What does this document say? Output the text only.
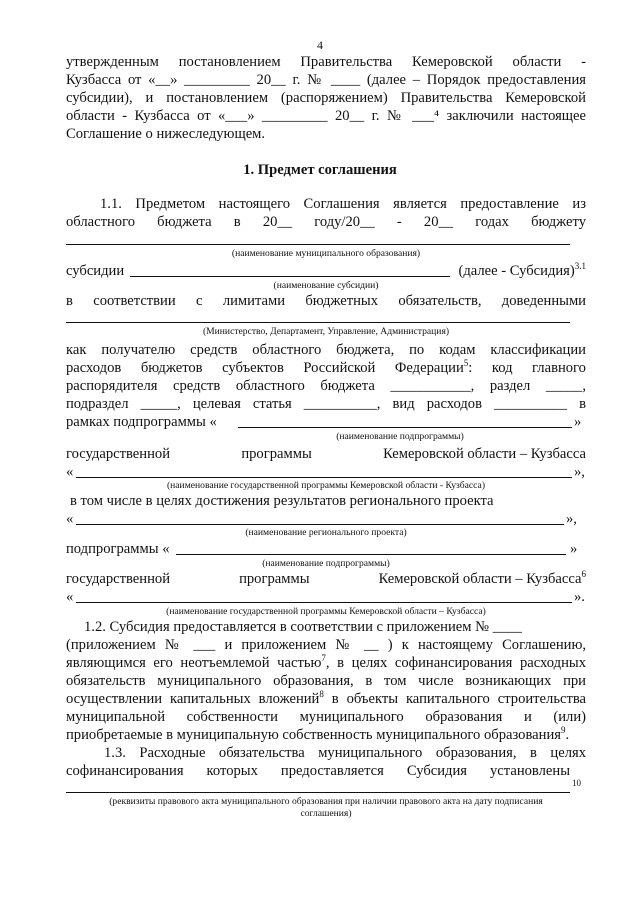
4
утвержденным постановлением Правительства Кемеровской области -
Кузбасса от «__» _________ 20__ г. № ____ (далее – Порядок предоставления
субсидии), и постановлением (распоряжением) Правительства Кемеровской
области - Кузбасса от «___» _________ 20__ г. № ___⁴ заключили настоящее
Соглашение о нижеследующем.
1. Предмет соглашения
1.1. Предметом настоящего Соглашения является предоставление из
областного бюджета в 20__ году/20__ - 20__ годах бюджету
(наименование муниципального образования)
субсидии	(далее - Субсидия)$^{3.1}$
(наименование субсидии)
в соответствии с лимитами бюджетных обязательств, доведенными
(Министерство, Департамент, Управление, Администрация)
как получателю средств областного бюджета, по кодам классификации
расходов бюджетов субъектов Российской Федерации$^5$: код главного
распорядителя средств областного бюджета ___________, раздел _____,
подраздел _____, целевая статья __________, вид расходов __________ в
рамках подпрограммы «	»
(наименование подпрограммы)
государственной	программы	Кемеровской области – Кузбасса
«	»,
(наименование государственной программы Кемеровской области - Кузбасса)
в том числе в целях достижения результатов регионального проекта
«	»,
(наименование регионального проекта)
подпрограммы «	»
(наименование подпрограммы)
государственной	программы	Кемеровской области – Кузбасса$^6$
«	».
(наименование государственной программы Кемеровской области – Кузбасса)
1.2. Субсидия предоставляется в соответствии с приложением № ____
(приложением № ___ и приложением № __ ) к настоящему Соглашению,
являющимся его неотъемлемой частью$^7$, в целях софинансирования расходных
обязательств муниципального образования, в том числе возникающих при
осуществлении капитальных вложений$^8$ в объекты капитального строительства
муниципальной собственности муниципального образования и (или)
приобретаемые в муниципальную собственность муниципального образования$^9$.
1.3. Расходные обязательства муниципального образования, в целях
софинансирования которых предоставляется Субсидия установлены
10
(реквизиты правового акта муниципального образования при наличии правового акта на дату подписания
соглашения)
